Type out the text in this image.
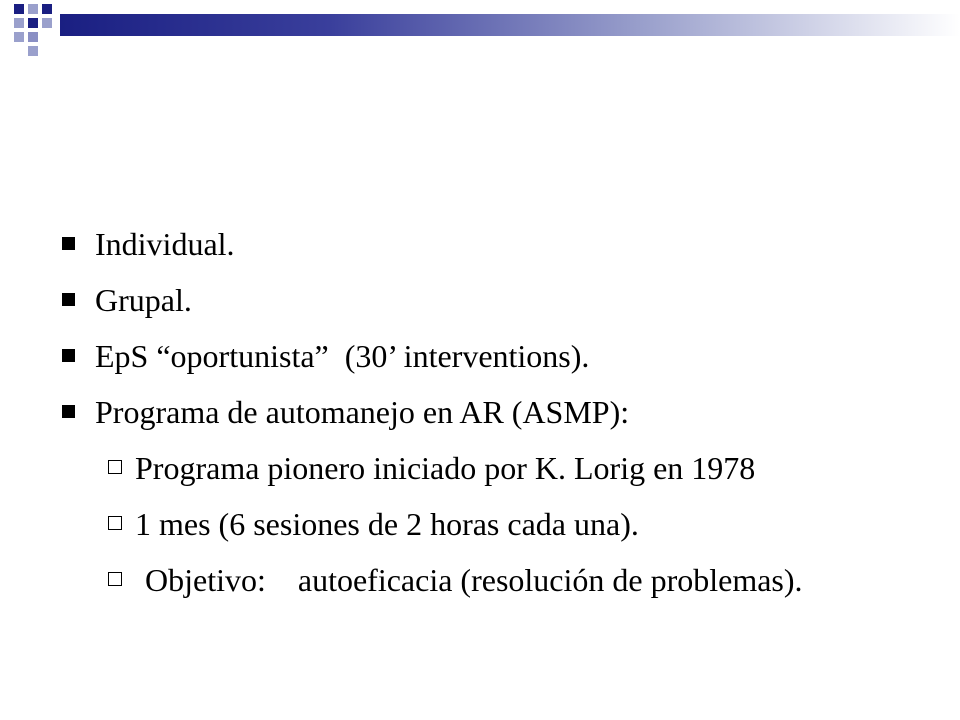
Individual.
Grupal.
EpS “oportunista”  (30’ interventions).
Programa de automanejo en AR (ASMP):
Programa pionero iniciado por K. Lorig en 1978
1 mes (6 sesiones de 2 horas cada una).
Objetivo: autoeficacia (resolución de problemas).
